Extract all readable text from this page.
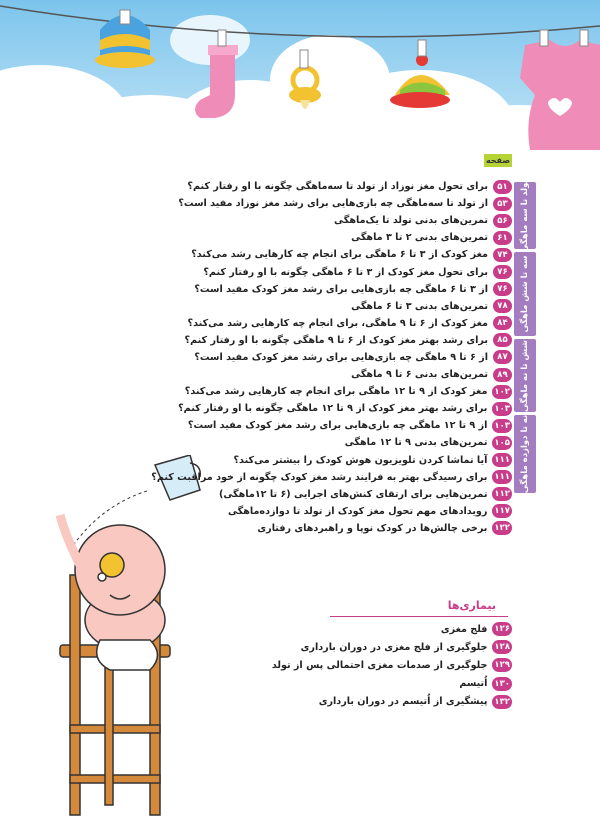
صفحه
تولد تا سه ماهگی
سه تا شش ماهگی
شش تا نه ماهگی
نه تا دوازده ماهگی
۵۱
برای تحول مغز نوزاد از تولد تا سه‌ماهگی چگونه با او رفتار کنم؟
۵۳
از تولد تا سه‌ماهگی چه بازی‌هایی برای رشد مغز نوزاد مفید است؟
۵۶
تمرین‌های بدنی تولد تا یک‌ماهگی
۶۱
تمرین‌های بدنی ۲ تا ۳ ماهگی
۷۴
مغز کودک از ۳ تا ۶ ماهگی برای انجام چه کارهایی رشد می‌کند؟
۷۶
برای تحول مغز کودک از ۳ تا ۶ ماهگی چگونه با او رفتار کنم؟
۷۶
از ۳ تا ۶ ماهگی چه بازی‌هایی برای رشد مغز کودک مفید است؟
۷۸
تمرین‌های بدنی ۳ تا ۶ ماهگی
۸۴
مغز کودک از ۶ تا ۹ ماهگی، برای انجام چه کارهایی رشد می‌کند؟
۸۵
برای رشد بهتر مغز کودک از ۶ تا ۹ ماهگی چگونه با او رفتار کنم؟
۸۷
از ۶ تا ۹ ماهگی چه بازی‌هایی برای رشد مغز کودک مفید است؟
۸۹
تمرین‌های بدنی ۶ تا ۹ ماهگی
۱۰۲
مغز کودک از ۹ تا ۱۲ ماهگی برای انجام چه کارهایی رشد می‌کند؟
۱۰۳
برای رشد بهتر مغز کودک از ۹ تا ۱۲ ماهگی چگونه با او رفتار کنم؟
۱۰۳
از ۹ تا ۱۲ ماهگی چه بازی‌هایی برای رشد مغز کودک مفید است؟
۱۰۵
تمرین‌های بدنی ۹ تا ۱۲ ماهگی
۱۱۱
آیا تماشا کردن تلویزیون هوش کودک را بیشتر می‌کند؟
۱۱۱
برای رسیدگی بهتر به فرایند رشد مغز کودک چگونه از خود مراقبت کنم؟
۱۱۲
تمرین‌هایی برای ارتقای کنش‌های اجرایی (۶ تا ۱۲ماهگی)
۱۱۷
رویدادهای مهم تحول مغز کودک از تولد تا دوازده‌ماهگی
۱۲۲
برخی چالش‌ها در کودک نوپا و راهبردهای رفتاری
بیماری‌ها
۱۲۶
فلج مغزی
۱۲۸
جلوگیری از فلج مغزی در دوران بارداری
۱۲۹
جلوگیری از صدمات مغزی احتمالی پس از تولد
۱۳۰
اُتیسم
۱۳۲
پیشگیری از اُتیسم در دوران بارداری
